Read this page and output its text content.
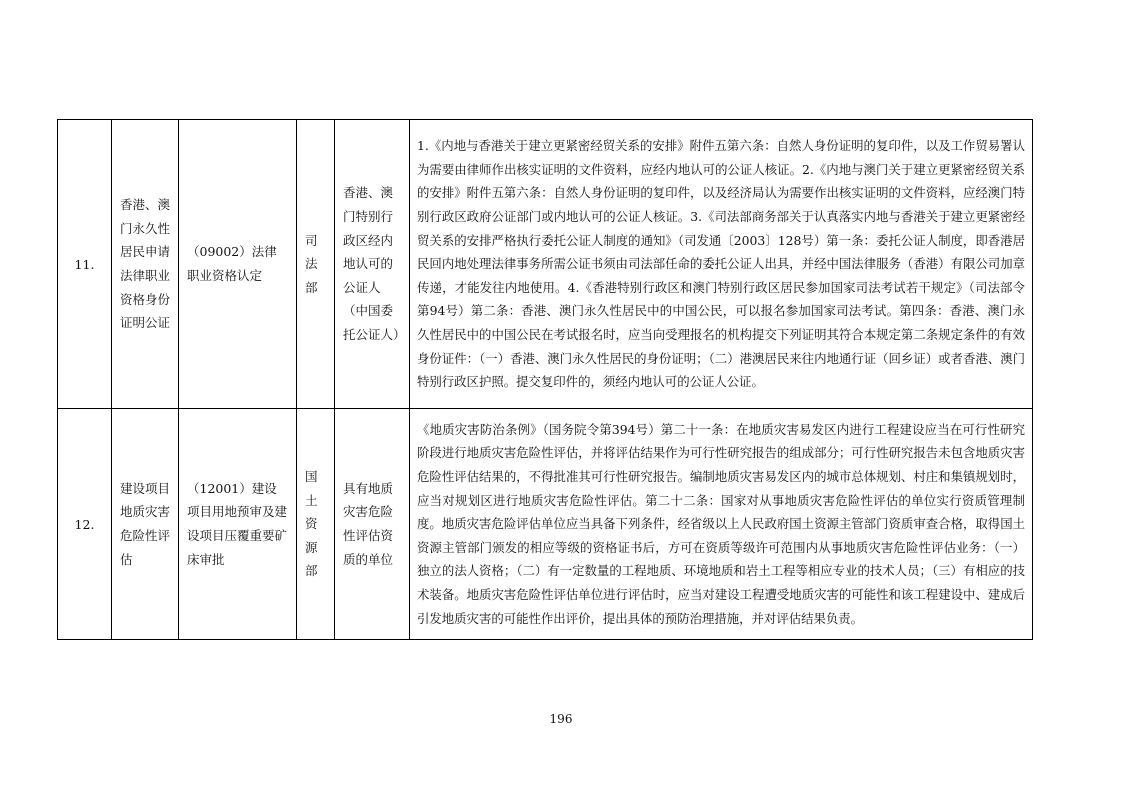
11.	香港、澳门永久性居民申请法律职业资格身份证明公证	（09002）法律职业资格认定	司法部	香港、澳门特别行政区经内地认可的公证人（中国委托公证人）	1.《内地与香港关于建立更紧密经贸关系的安排》附件五第六条：自然人身份证明的复印件，以及工作贸易署认为需要由律师作出核实证明的文件资料，应经内地认可的公证人核证。2.《内地与澳门关于建立更紧密经贸关系的安排》附件五第六条：自然人身份证明的复印件，以及经济局认为需要作出核实证明的文件资料，应经澳门特别行政区政府公证部门或内地认可的公证人核证。3.《司法部商务部关于认真落实内地与香港关于建立更紧密经贸关系的安排严格执行委托公证人制度的通知》（司发通〔2003〕128号）第一条：委托公证人制度，即香港居民回内地处理法律事务所需公证书须由司法部任命的委托公证人出具，并经中国法律服务（香港）有限公司加章传递，才能发往内地使用。4.《香港特别行政区和澳门特别行政区居民参加国家司法考试若干规定》（司法部令第94号）第二条：香港、澳门永久性居民中的中国公民，可以报名参加国家司法考试。第四条：香港、澳门永久性居民中的中国公民在考试报名时，应当向受理报名的机构提交下列证明其符合本规定第二条规定条件的有效身份证件：（一）香港、澳门永久性居民的身份证明；（二）港澳居民来往内地通行证（回乡证）或者香港、澳门特别行政区护照。提交复印件的，须经内地认可的公证人公证。

12.	建设项目地质灾害危险性评估	（12001）建设项目用地预审及建设项目压覆重要矿床审批	国土资源部	具有地质灾害危险性评估资质的单位	《地质灾害防治条例》（国务院令第394号）第二十一条：在地质灾害易发区内进行工程建设应当在可行性研究阶段进行地质灾害危险性评估，并将评估结果作为可行性研究报告的组成部分；可行性研究报告未包含地质灾害危险性评估结果的，不得批准其可行性研究报告。编制地质灾害易发区内的城市总体规划、村庄和集镇规划时，应当对规划区进行地质灾害危险性评估。第二十二条：国家对从事地质灾害危险性评估的单位实行资质管理制度。地质灾害危险评估单位应当具备下列条件，经省级以上人民政府国土资源主管部门资质审查合格，取得国土资源主管部门颁发的相应等级的资格证书后，方可在资质等级许可范围内从事地质灾害危险性评估业务：（一）独立的法人资格；（二）有一定数量的工程地质、环境地质和岩土工程等相应专业的技术人员；（三）有相应的技术装备。地质灾害危险性评估单位进行评估时，应当对建设工程遭受地质灾害的可能性和该工程建设中、建成后引发地质灾害的可能性作出评价，提出具体的预防治理措施，并对评估结果负责。
196
